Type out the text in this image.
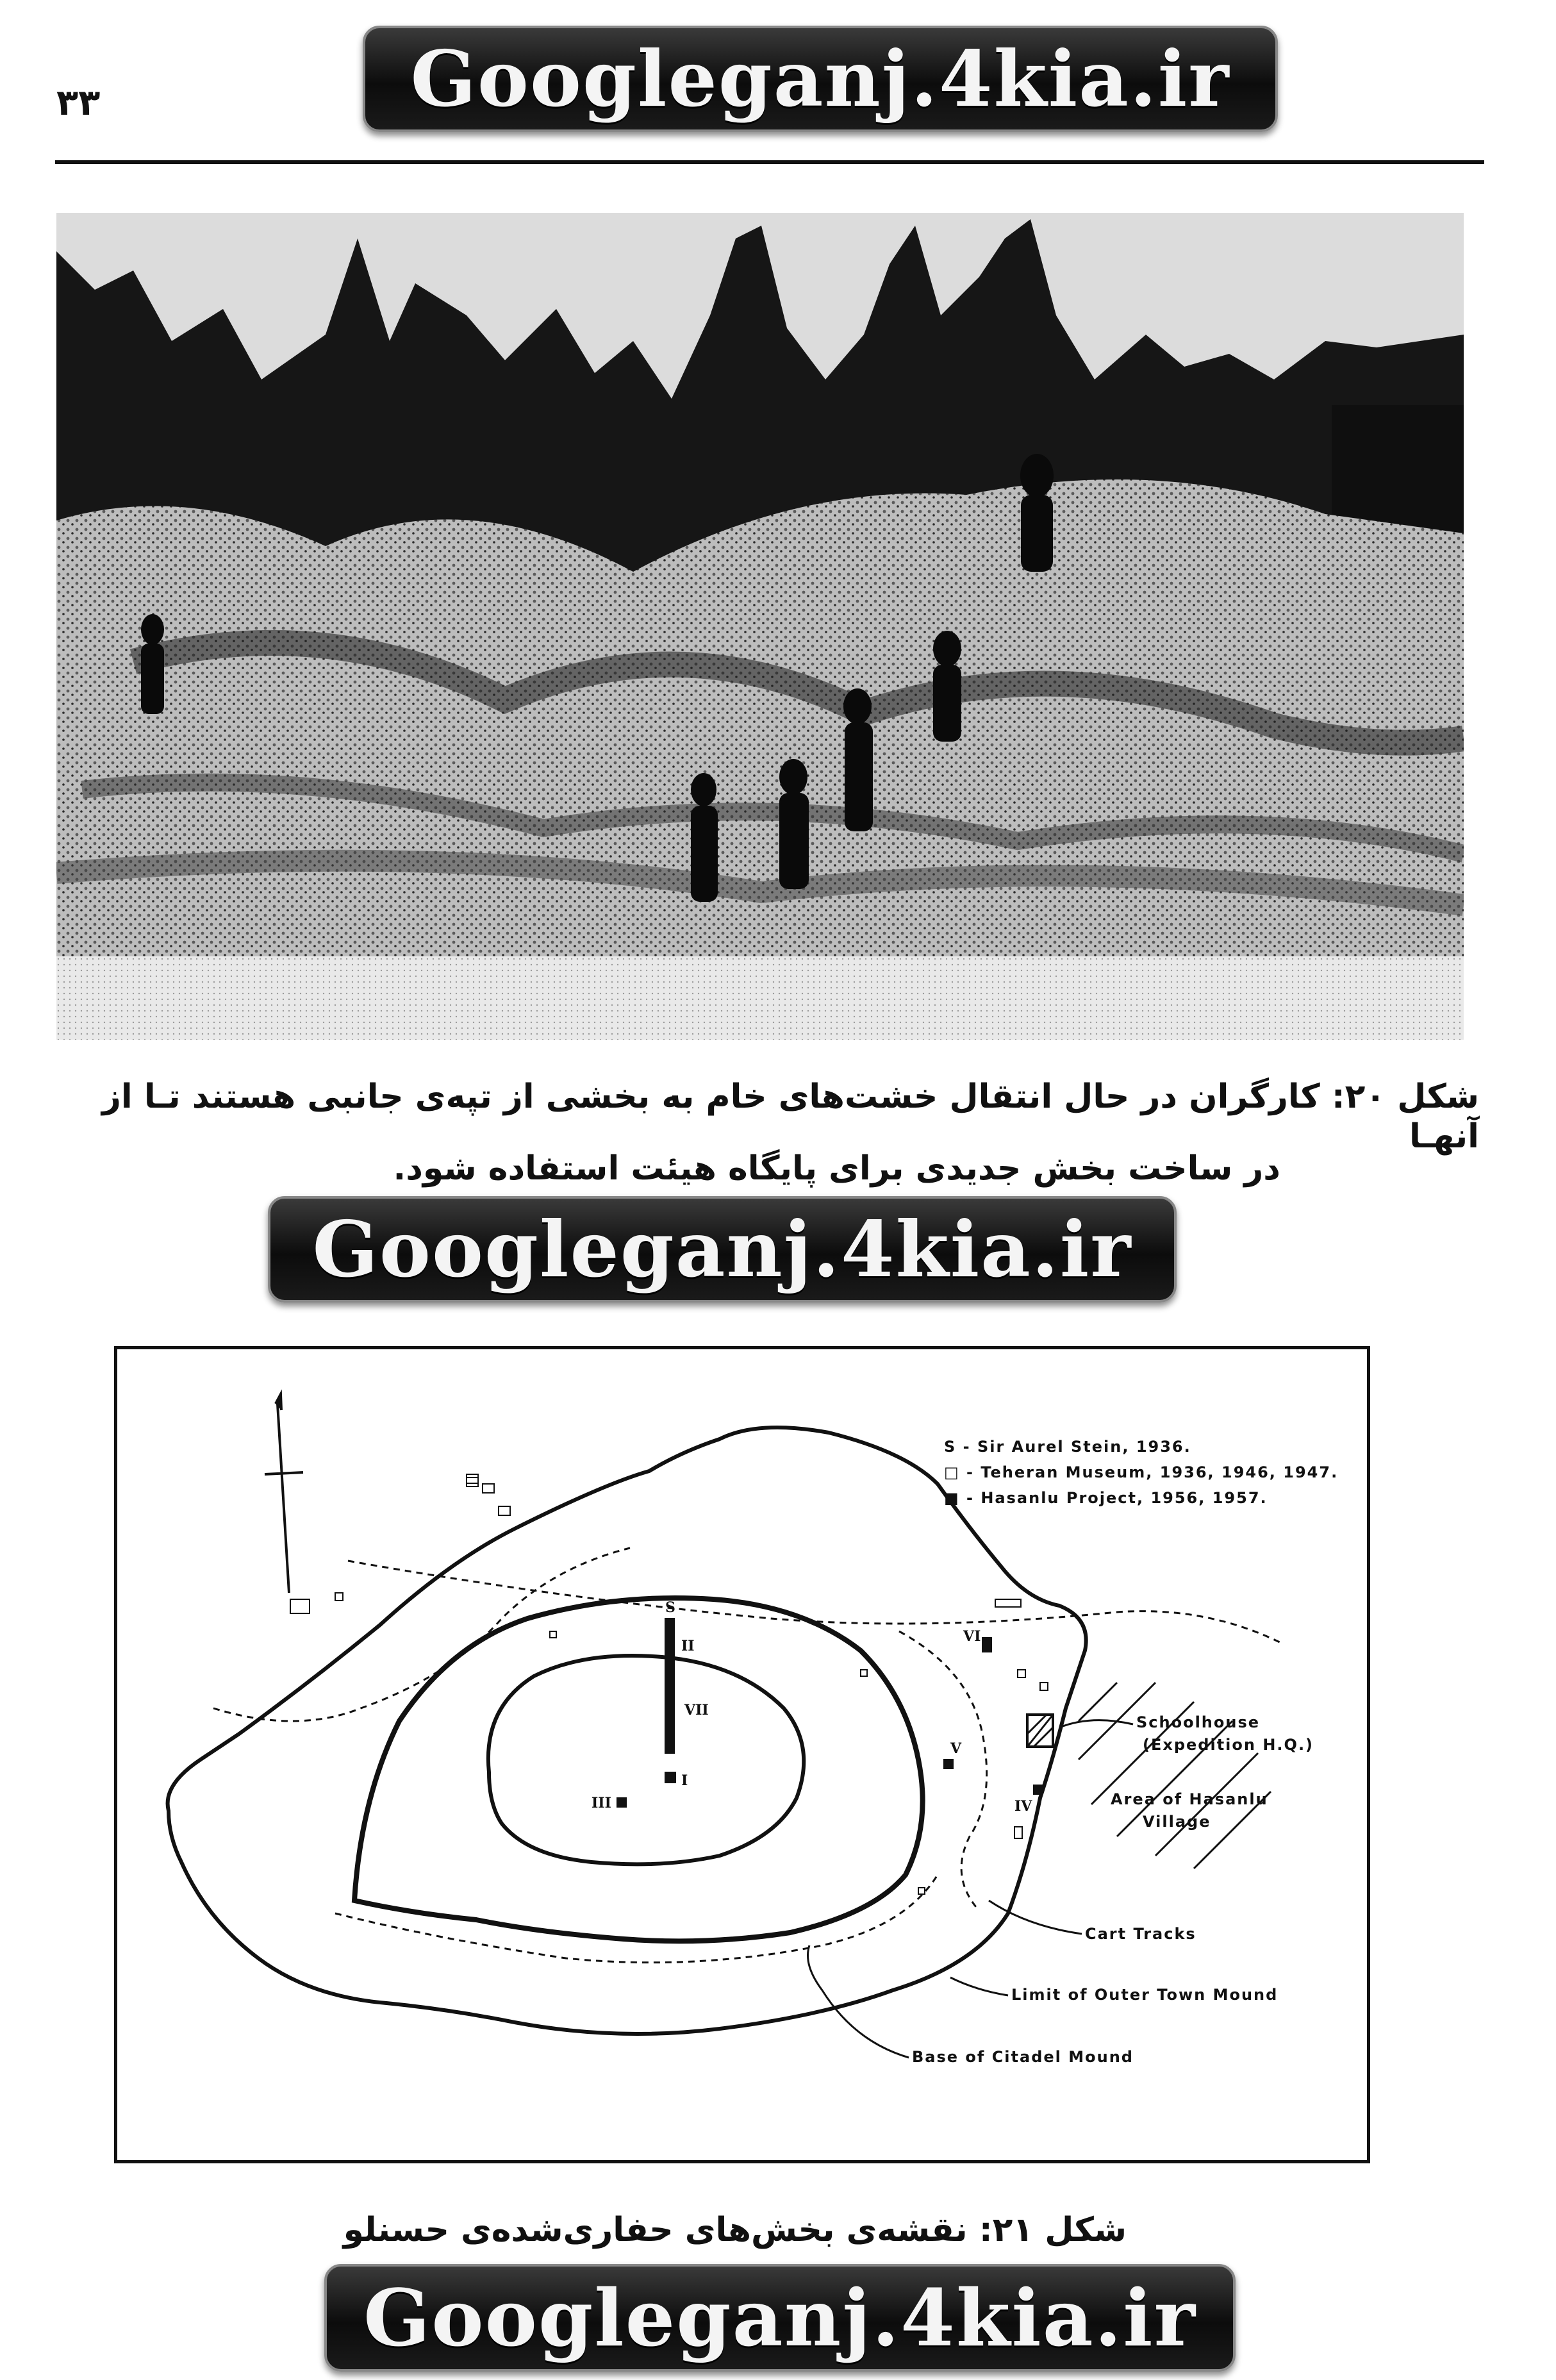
۳۳	Googleganj.4kia.ir
شکل ۲۰: کارگران در حال انتقال خشت‌های خام به بخشی از تپه‌ی جانبی هستند تـا از آنهـا
در ساخت بخش جدیدی برای پایگاه هیئت استفاده شود.
Googleganj.4kia.ir
S
II
VII
I
III
V
IV
VI
S - Sir Aurel Stein, 1936.
□ - Teheran Museum, 1936, 1946, 1947.
■ - Hasanlu Project, 1956, 1957.
Schoolhouse
(Expedition H.Q.)
Area of Hasanlu
Village
Cart Tracks
Limit of Outer Town Mound
Base of Citadel Mound
شکل ۲۱: نقشه‌ی بخش‌های حفاری‌شده‌ی حسنلو
Googleganj.4kia.ir
